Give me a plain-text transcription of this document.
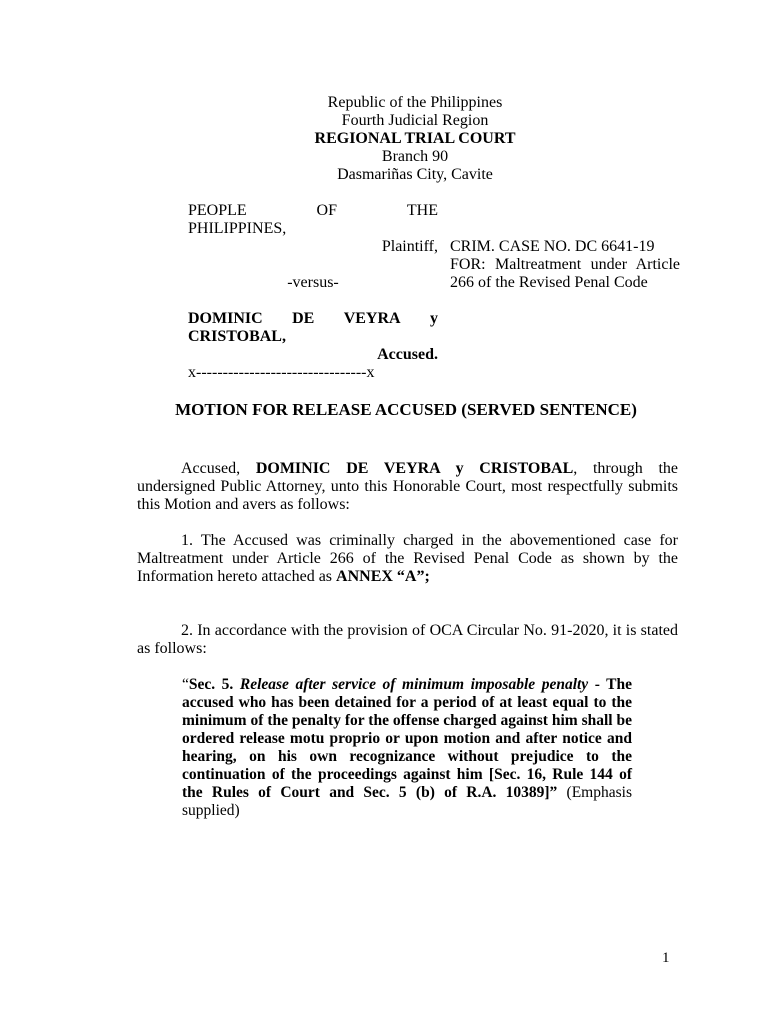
Republic of the Philippines
Fourth Judicial Region
REGIONAL TRIAL COURT
Branch 90
Dasmariñas City, Cavite
PEOPLE	OF	THE
PHILIPPINES,
Plaintiff,
-versus-
DOMINIC DE VEYRA y
CRISTOBAL,
Accused.
x--------------------------------x
CRIM. CASE NO. DC 6641-19
FOR: Maltreatment under Article 266 of the Revised Penal Code
MOTION FOR RELEASE ACCUSED (SERVED SENTENCE)
Accused, DOMINIC DE VEYRA y CRISTOBAL, through the undersigned Public Attorney, unto this Honorable Court, most respectfully submits this Motion and avers as follows:
1. The Accused was criminally charged in the abovementioned case for Maltreatment under Article 266 of the Revised Penal Code as shown by the Information hereto attached as ANNEX “A”;
2. In accordance with the provision of OCA Circular No. 91-2020, it is stated as follows:
“Sec. 5. Release after service of minimum imposable penalty - The accused who has been detained for a period of at least equal to the minimum of the penalty for the offense charged against him shall be ordered release motu proprio or upon motion and after notice and hearing, on his own recognizance without prejudice to the continuation of the proceedings against him [Sec. 16, Rule 144 of the Rules of Court and Sec. 5 (b) of R.A. 10389]” (Emphasis supplied)
1
